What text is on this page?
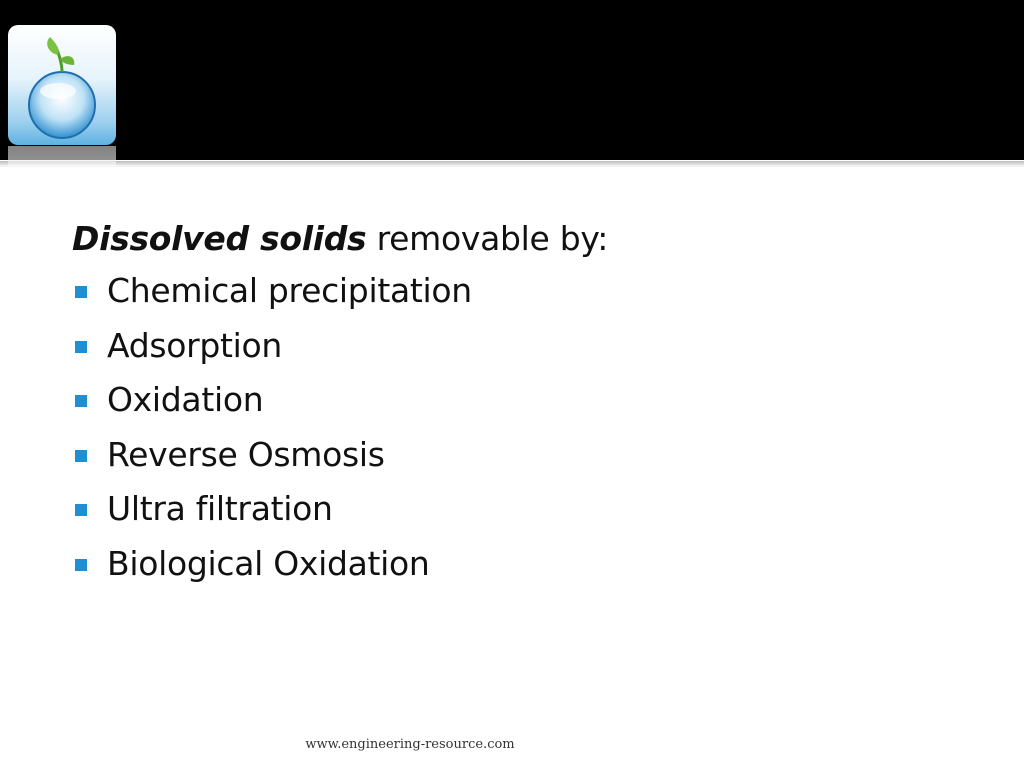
Dissolved solids removable by:
Chemical precipitation
Adsorption
Oxidation
Reverse Osmosis
Ultra filtration
Biological Oxidation
www.engineering-resource.com
